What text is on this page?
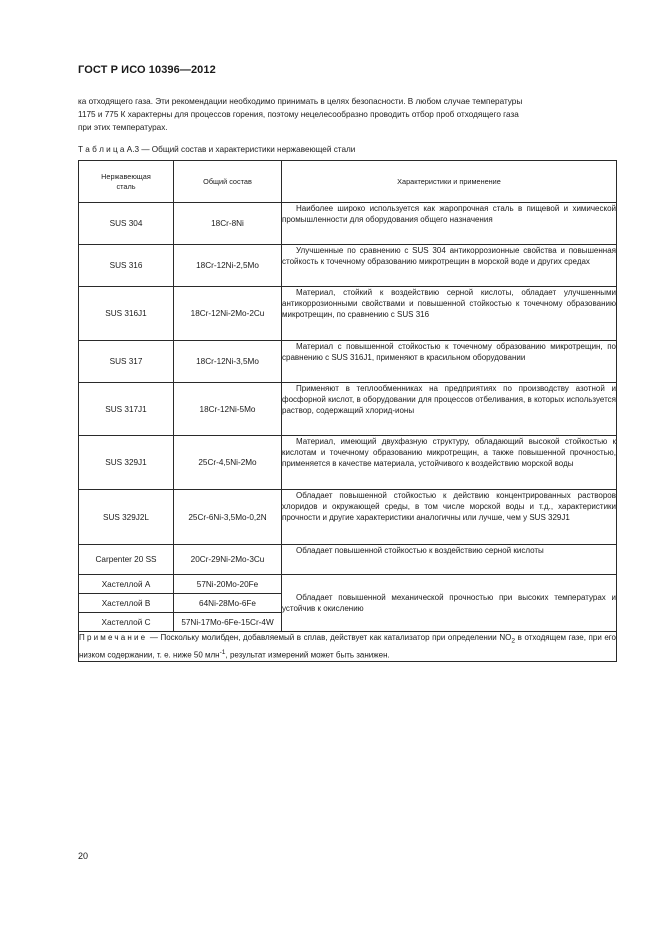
ГОСТ Р ИСО 10396—2012
ка отходящего газа. Эти рекомендации необходимо принимать в целях безопасности. В любом случае температуры
1175 и 775 К характерны для процессов горения, поэтому нецелесообразно проводить отбор проб отходящего газа
при этих температурах.
Т а б л и ц а А.3 — Общий состав и характеристики нержавеющей стали
Нержавеющая
сталь	Общий состав	Характеристики и применение
SUS 304	18Cr-8Ni	Наиболее широко используется как жаропрочная сталь в пищевой и химической промышленности для оборудования общего назначения

SUS 316	18Cr-12Ni-2,5Mo	Улучшенные по сравнению с SUS 304 антикоррозионные свойства и повышенная стойкость к точечному образованию микротрещин в морской воде и других средах

SUS 316J1	18Cr-12Ni-2Mo-2Cu	Материал, стойкий к воздействию серной кислоты, обладает улучшенными антикоррозионными свойствами и повышенной стойкостью к точечному образованию микротрещин, по сравнению с SUS 316

SUS 317	18Cr-12Ni-3,5Mo	Материал с повышенной стойкостью к точечному образованию микротрещин, по сравнению с SUS 316J1, применяют в красильном оборудовании

SUS 317J1	18Cr-12Ni-5Mo	Применяют в теплообменниках на предприятиях по производству азотной и фосфорной кислот, в оборудовании для процессов отбеливания, в которых используется раствор, содержащий хлорид-ионы

SUS 329J1	25Cr-4,5Ni-2Mo	Материал, имеющий двухфазную структуру, обладающий высокой стойкостью к кислотам и точечному образованию микротрещин, а также повышенной прочностью, применяется в качестве материала, устойчивого к воздействию морской воды

SUS 329J2L	25Cr-6Ni-3,5Mo-0,2N	Обладает повышенной стойкостью к действию концентрированных растворов хлоридов и окружающей среды, в том числе морской воды и т.д., характеристики прочности и другие характеристики аналогичны или лучше, чем у SUS 329J1

Carpenter 20 SS	20Cr-29Ni-2Mo-3Cu	Обладает повышенной стойкостью к воздействию серной кислоты

Хастеллой A	57Ni-20Mo-20Fe	Обладает повышенной механической прочностью при высоких температурах и устойчив к окислению

Хастеллой B	64Ni-28Mo-6Fe	
Хастеллой C	57Ni-17Mo-6Fe-15Cr-4W	
Примечание — Поскольку молибден, добавляемый в сплав, действует как катализатор при определении $NO_2$ в отходящем газе, при его низком содержании, т. е. ниже 50 млн$^{-1}$, результат измерений может быть занижен.		
20
